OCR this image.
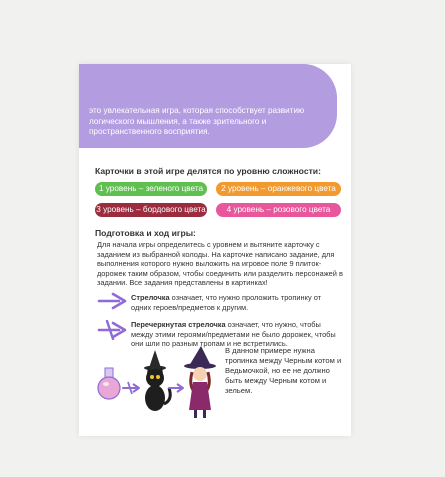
это увлекательная игра, которая способствует развитию логического мышления, а также зрительного и пространственного восприятия.
Карточки в этой игре делятся по уровню сложности:
1 уровень – зеленого цвета	2 уровень – оранжевого цвета
3 уровень – бордового цвета	4 уровень – розового цвета
Подготовка и ход игры:
Для начала игры определитесь с уровнем и вытяните карточку с заданием из выбранной колоды. На карточке написано задание, для выполнения которого нужно выложить на игровое поле 9 плиток-дорожек таким образом, чтобы соединить или разделить персонажей в задании. Все задания представлены в картинках!
Стрелочка означает, что нужно проложить тропинку от одних героев/предметов к другим.
Перечеркнутая стрелочка означает, что нужно, чтобы между этими героями/предметами не было дорожек, чтобы они шли по разным тропам и не встретились.
В данном примере нужна тропинка между Черным котом и Ведьмочкой, но ее не должно быть между Черным котом и зельем.
